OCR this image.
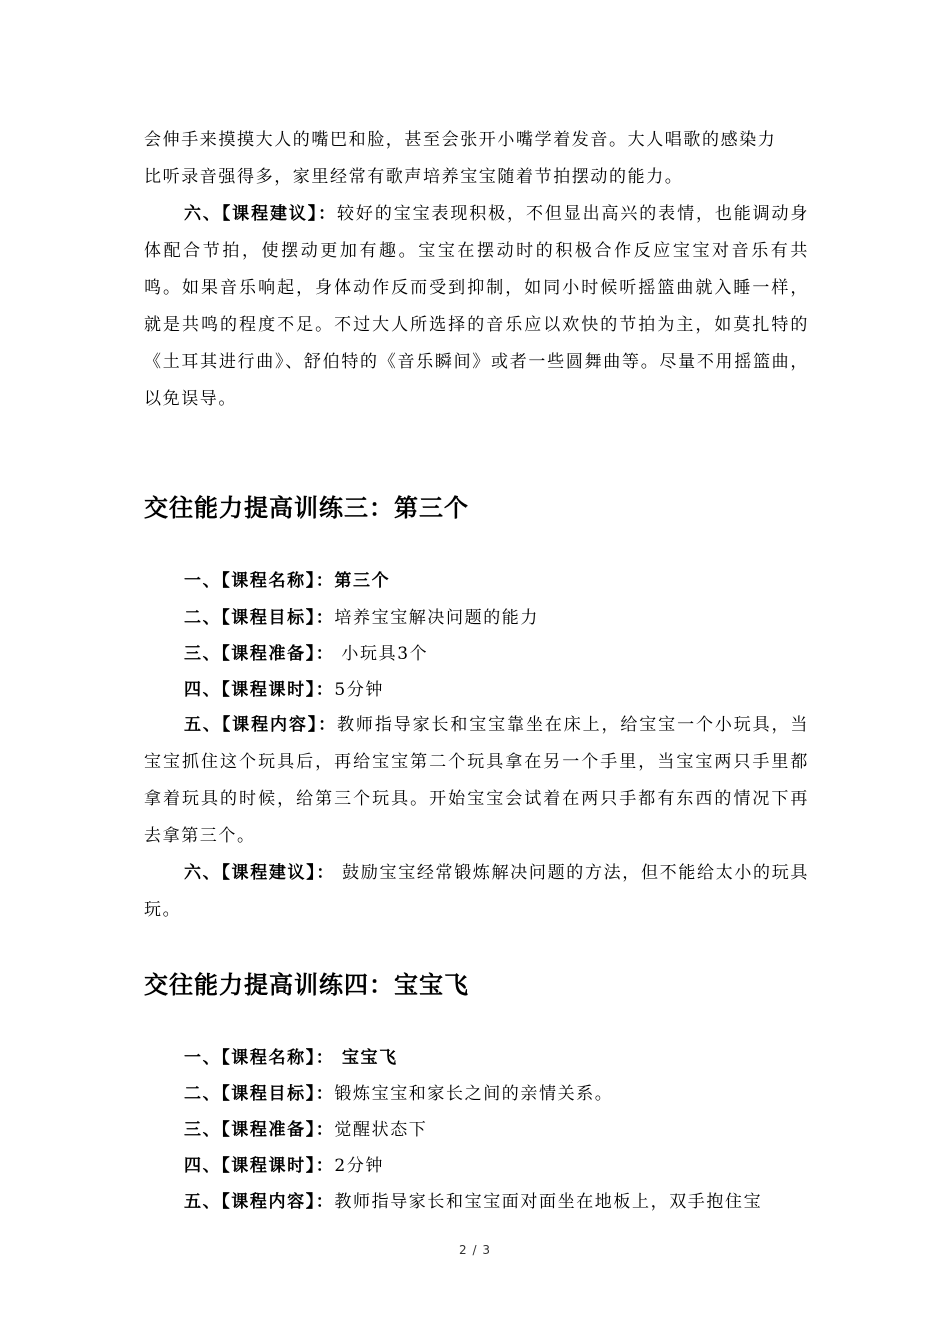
会伸手来摸摸大人的嘴巴和脸，甚至会张开小嘴学着发音。大人唱歌的感染力
比听录音强得多，家里经常有歌声培养宝宝随着节拍摆动的能力。

六、【课程建议】：较好的宝宝表现积极，不但显出高兴的表情，也能调动身体配合节拍，使摆动更加有趣。宝宝在摆动时的积极合作反应宝宝对音乐有共鸣。如果音乐响起，身体动作反而受到抑制，如同小时候听摇篮曲就入睡一样，就是共鸣的程度不足。不过大人所选择的音乐应以欢快的节拍为主，如莫扎特的《土耳其进行曲》、舒伯特的《音乐瞬间》或者一些圆舞曲等。尽量不用摇篮曲，以免误导。

交往能力提高训练三：第三个

一、【课程名称】：第三个

二、【课程目标】：培养宝宝解决问题的能力

三、【课程准备】： 小玩具3个

四、【课程课时】：5分钟

五、【课程内容】：教师指导家长和宝宝靠坐在床上，给宝宝一个小玩具，当宝宝抓住这个玩具后，再给宝宝第二个玩具拿在另一个手里，当宝宝两只手里都拿着玩具的时候，给第三个玩具。开始宝宝会试着在两只手都有东西的情况下再去拿第三个。

六、【课程建议】： 鼓励宝宝经常锻炼解决问题的方法，但不能给太小的玩具玩。

交往能力提高训练四：宝宝飞

一、【课程名称】： 宝宝飞

二、【课程目标】：锻炼宝宝和家长之间的亲情关系。

三、【课程准备】：觉醒状态下

四、【课程课时】：2分钟

五、【课程内容】：教师指导家长和宝宝面对面坐在地板上，双手抱住宝

2 / 3
